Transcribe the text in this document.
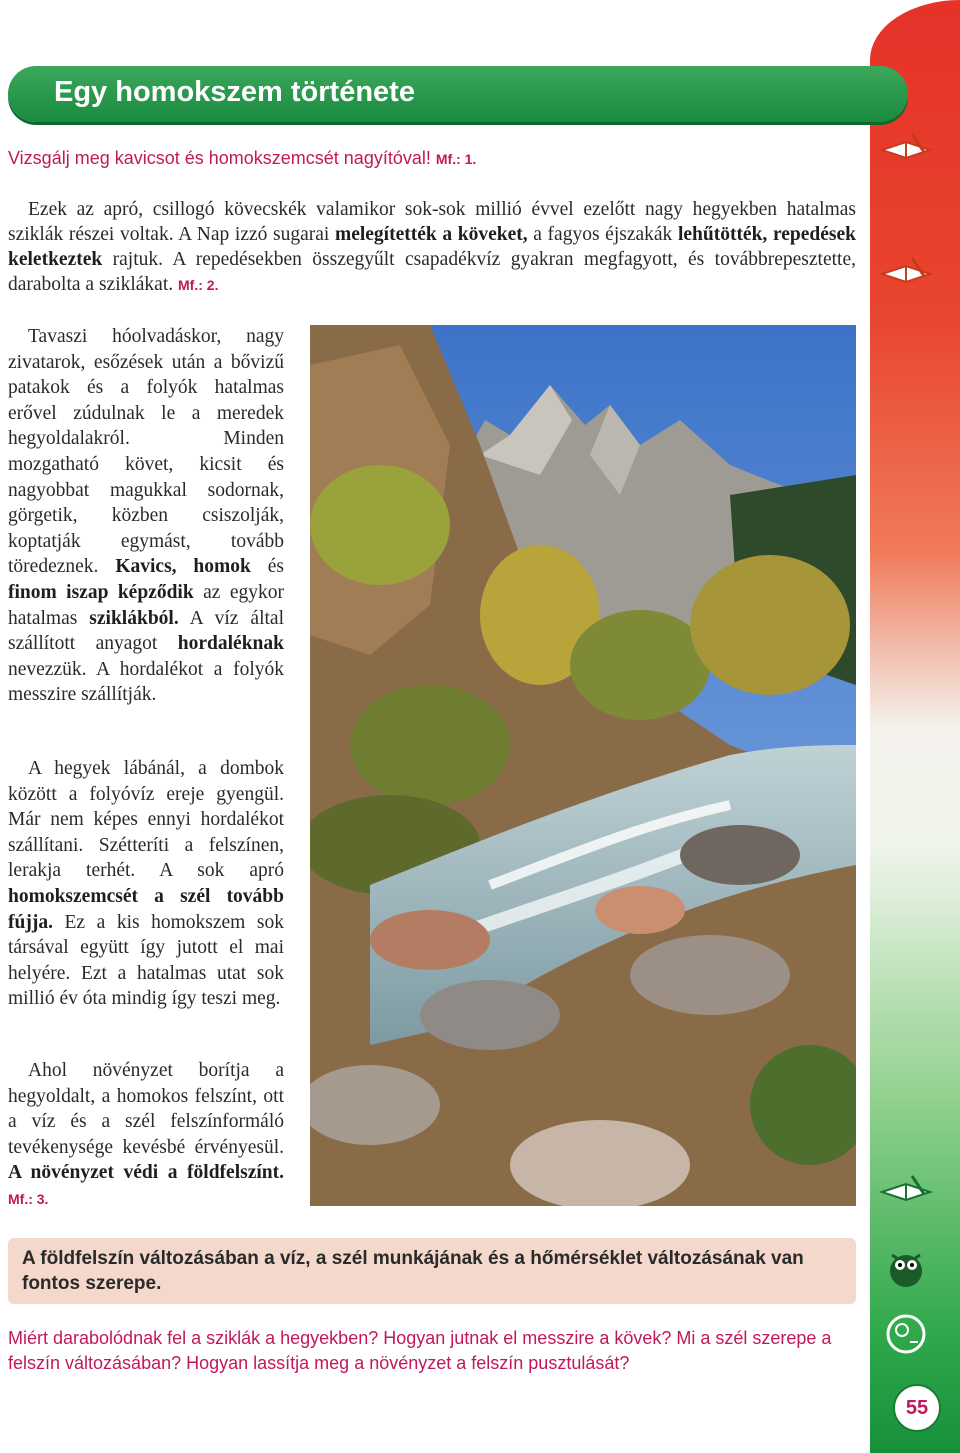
Egy homokszem története
Vizsgálj meg kavicsot és homokszemcsét nagyítóval! Mf.: 1.

Ezek az apró, csillogó kövecskék valamikor sok-sok millió évvel ezelőtt nagy hegyekben hatalmas sziklák részei voltak. A Nap izzó sugarai melegítették a köveket, a fagyos éjszakák lehűtötték, repedések keletkeztek rajtuk. A repedésekben összegyűlt csapadékvíz gyakran megfagyott, és továbbrepesztette, darabolta a sziklákat. Mf.: 2.

Tavaszi hóolvadáskor, nagy zivatarok, esőzések után a bővizű patakok és a folyók hatalmas erővel zúdulnak le a meredek hegyoldalakról. Minden mozgatható követ, kicsit és nagyobbat magukkal sodornak, görgetik, közben csiszolják, koptatják egymást, tovább töredeznek. Kavics, homok és finom iszap képződik az egykor hatalmas sziklákból. A víz által szállított anyagot hordaléknak nevezzük. A hordalékot a folyók messzire szállítják.

A hegyek lábánál, a dombok között a folyóvíz ereje gyengül. Már nem képes ennyi hordalékot szállítani. Szétteríti a felszínen, lerakja terhét. A sok apró homokszemcsét a szél tovább fújja. Ez a kis homokszem sok társával együtt így jutott el mai helyére. Ezt a hatalmas utat sok millió év óta mindig így teszi meg.

Ahol növényzet borítja a hegyoldalt, a homokos felszínt, ott a víz és a szél felszínformáló tevékenysége kevésbé érvényesül. A növényzet védi a földfelszínt. Mf.: 3.

A földfelszín változásában a víz, a szél munkájának és a hőmérséklet változásának van fontos szerepe.

Miért darabolódnak fel a sziklák a hegyekben? Hogyan jutnak el messzire a kövek? Mi a szél szerepe a felszín változásában? Hogyan lassítja meg a növényzet a felszín pusztulását?

55
